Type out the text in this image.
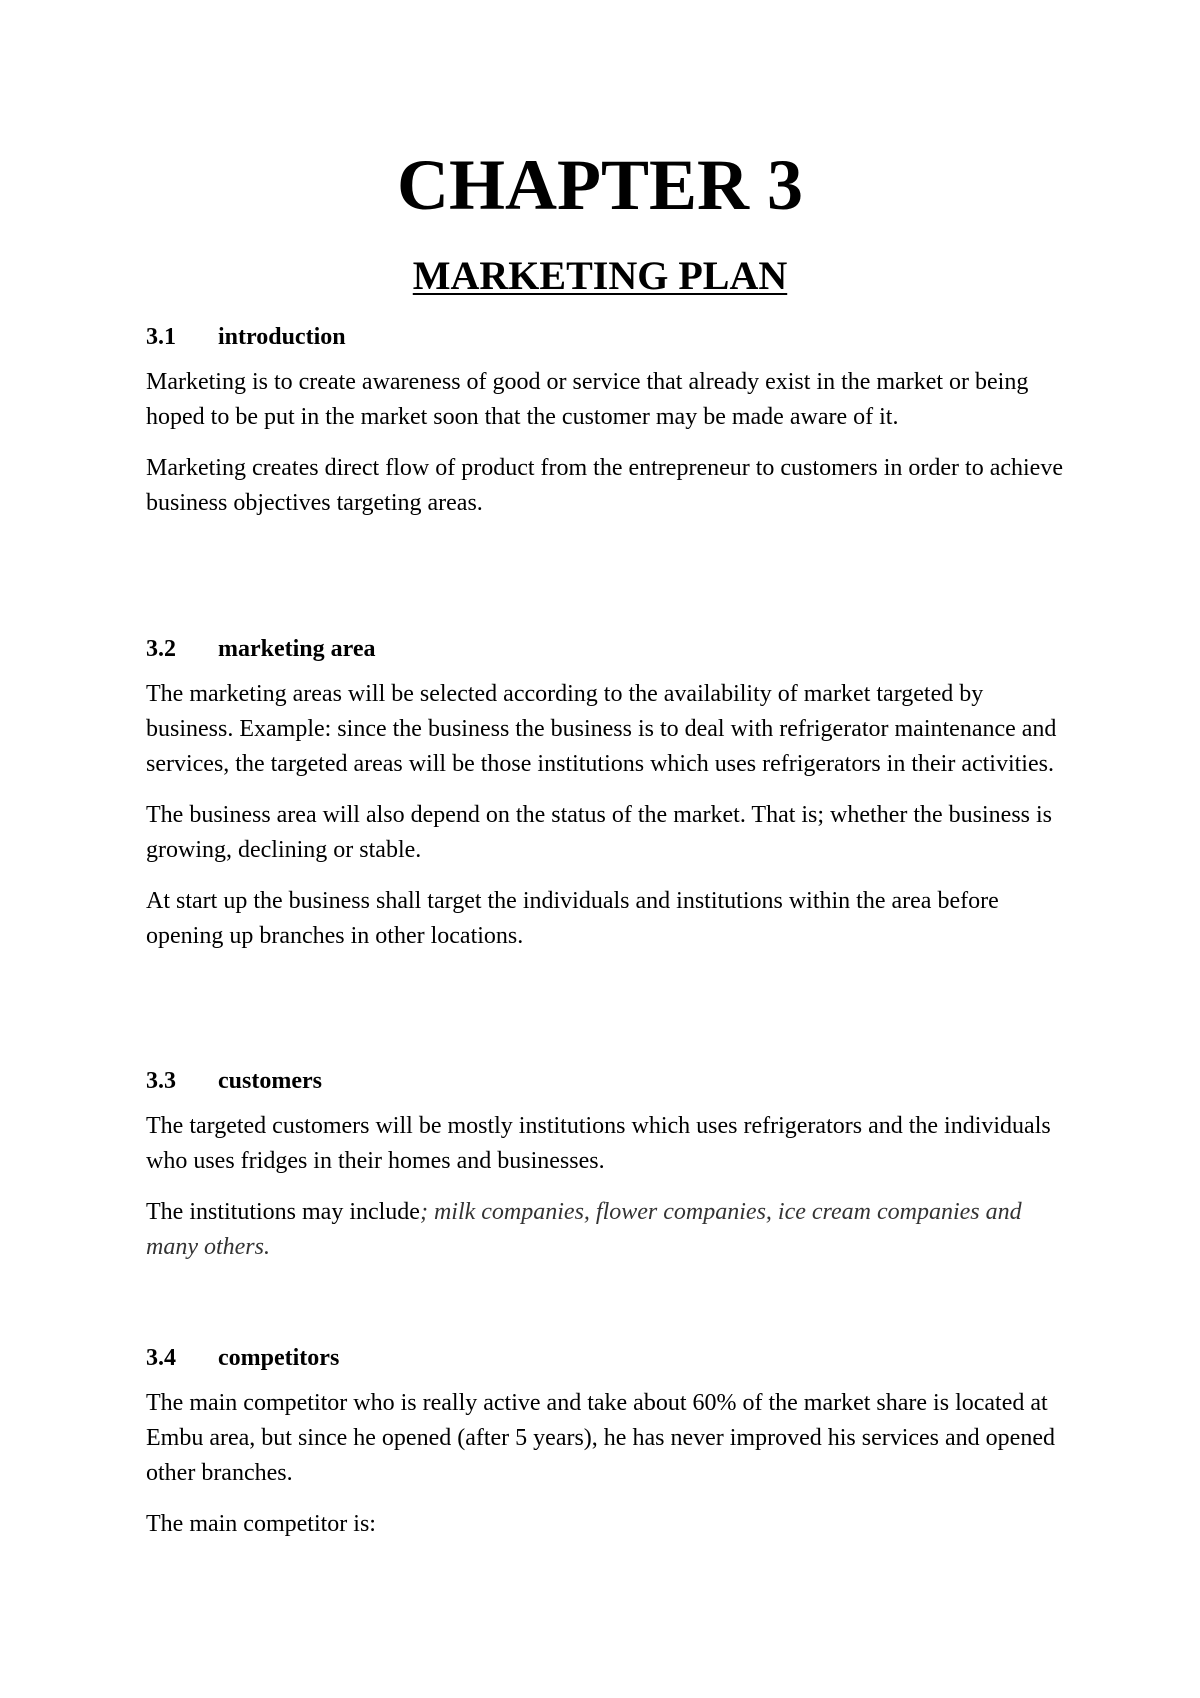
CHAPTER 3
MARKETING PLAN
3.1	introduction

Marketing is to create awareness of good or service that already exist in the market or being hoped to be put in the market soon that the customer may be made aware of it.

Marketing creates direct flow of product from the entrepreneur to customers in order to achieve business objectives targeting areas.

3.2	marketing area

The marketing areas will be selected according to the availability of market targeted by business. Example: since the business the business is to deal with refrigerator maintenance and services, the targeted areas will be those institutions which uses refrigerators in their activities.

The business area will also depend on the status of the market. That is; whether the business is growing, declining or stable.

At start up the business shall target the individuals and institutions within the area before opening up branches in other locations.

3.3	customers

The targeted customers will be mostly institutions which uses refrigerators and the individuals who uses fridges in their homes and businesses.

The institutions may include; milk companies, flower companies, ice cream companies and many others.

3.4	competitors

The main competitor who is really active and take about 60% of the market share is located at Embu area, but since he opened (after 5 years), he has never improved his services and opened other branches.

The main competitor is:
